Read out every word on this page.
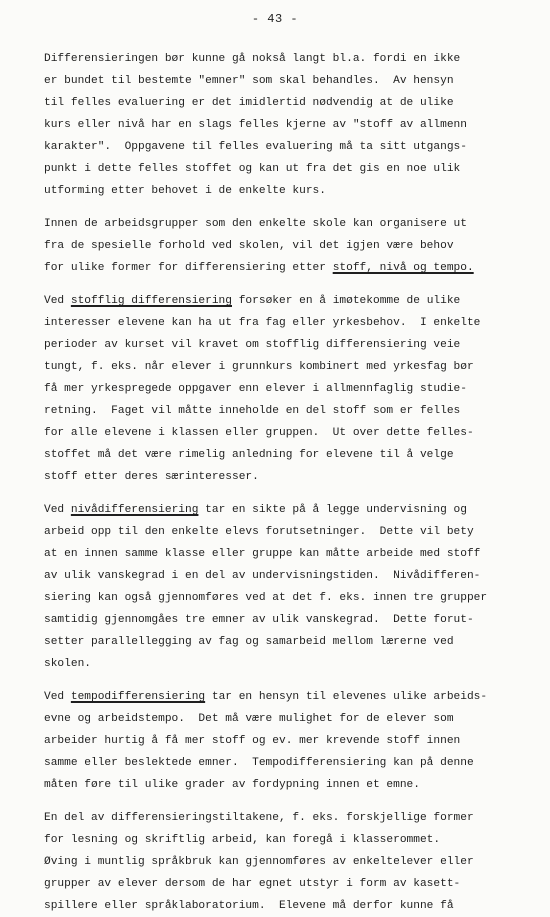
- 43 -
Differensieringen bør kunne gå nokså langt bl.a. fordi en ikke
er bundet til bestemte "emner" som skal behandles.  Av hensyn
til felles evaluering er det imidlertid nødvendig at de ulike
kurs eller nivå har en slags felles kjerne av "stoff av allmenn
karakter".  Oppgavene til felles evaluering må ta sitt utgangs-
punkt i dette felles stoffet og kan ut fra det gis en noe ulik
utforming etter behovet i de enkelte kurs.
Innen de arbeidsgrupper som den enkelte skole kan organisere ut
fra de spesielle forhold ved skolen, vil det igjen være behov
for ulike former for differensiering etter stoff, nivå og tempo.
Ved stofflig differensiering forsøker en å imøtekomme de ulike
interesser elevene kan ha ut fra fag eller yrkesbehov.  I enkelte
perioder av kurset vil kravet om stofflig differensiering veie
tungt, f. eks. når elever i grunnkurs kombinert med yrkesfag bør
få mer yrkespregede oppgaver enn elever i allmennfaglig studie-
retning.  Faget vil måtte inneholde en del stoff som er felles
for alle elevene i klassen eller gruppen.  Ut over dette felles-
stoffet må det være rimelig anledning for elevene til å velge
stoff etter deres særinteresser.
Ved nivådifferensiering tar en sikte på å legge undervisning og
arbeid opp til den enkelte elevs forutsetninger.  Dette vil bety
at en innen samme klasse eller gruppe kan måtte arbeide med stoff
av ulik vanskegrad i en del av undervisningstiden.  Nivådifferen-
siering kan også gjennomføres ved at det f. eks. innen tre grupper
samtidig gjennomgåes tre emner av ulik vanskegrad.  Dette forut-
setter parallellegging av fag og samarbeid mellom lærerne ved
skolen.
Ved tempodifferensiering tar en hensyn til elevenes ulike arbeids-
evne og arbeidstempo.  Det må være mulighet for de elever som
arbeider hurtig å få mer stoff og ev. mer krevende stoff innen
samme eller beslektede emner.  Tempodifferensiering kan på denne
måten føre til ulike grader av fordypning innen et emne.
En del av differensieringstiltakene, f. eks. forskjellige former
for lesning og skriftlig arbeid, kan foregå i klasserommet.
Øving i muntlig språkbruk kan gjennomføres av enkeltelever eller
grupper av elever dersom de har egnet utstyr i form av kasett-
spillere eller språklaboratorium.  Elevene må derfor kunne få
